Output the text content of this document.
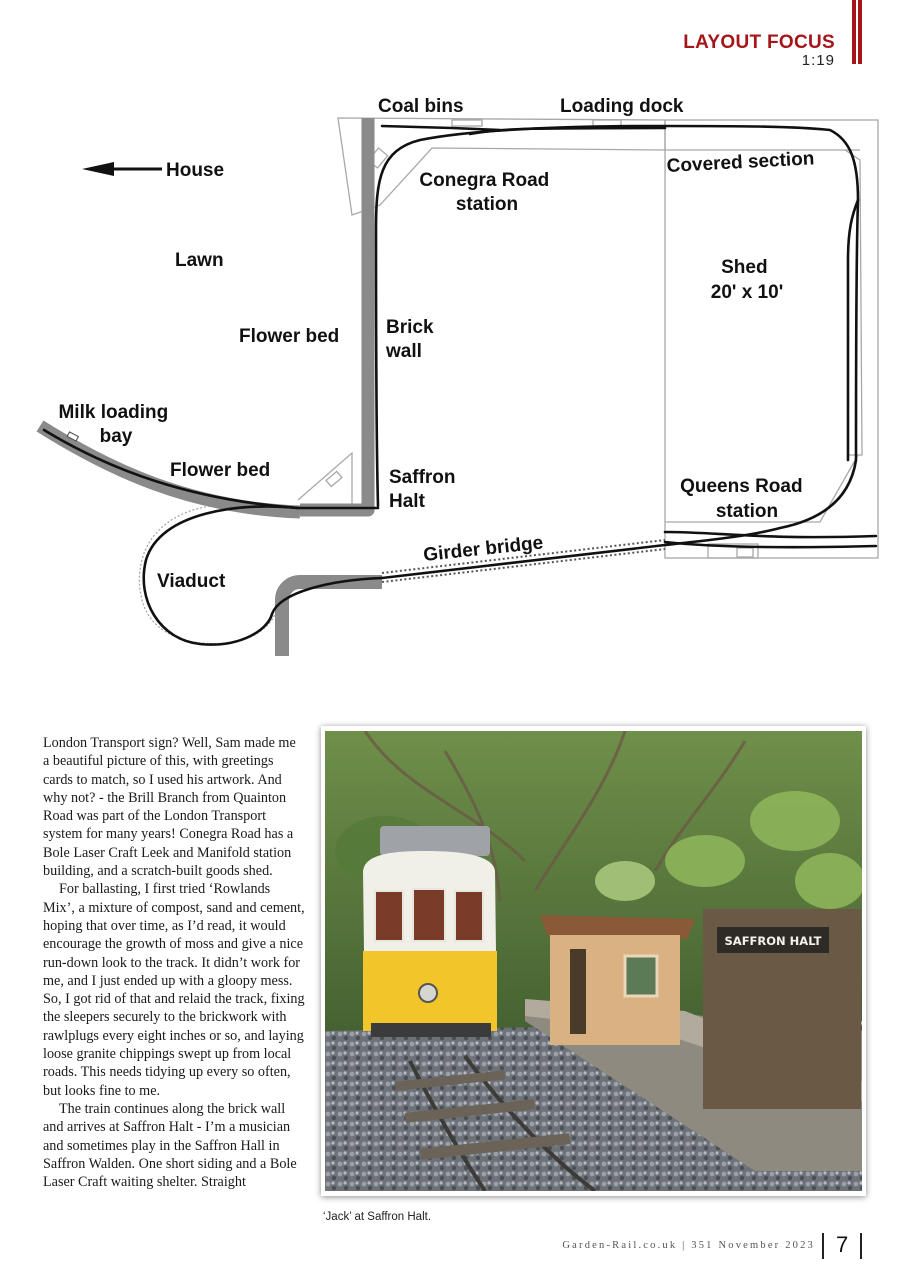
LAYOUT FOCUS
1:19
Coal bins	Loading dock
House	Conegra Road station
Covered section
Lawn	Shed 20' x 10'
Flower bed Brick wall
Milk loading bay
Flower bed	Saffron Halt
Queens Road station
Girder bridge
Viaduct

London Transport sign? Well, Sam made me a beautiful picture of this, with greetings cards to match, so I used his artwork. And why not? - the Brill Branch from Quainton Road was part of the London Transport system for many years! Conegra Road has a Bole Laser Craft Leek and Manifold station building, and a scratch-built goods shed.

For ballasting, I first tried ‘Rowlands Mix’, a mixture of compost, sand and cement, hoping that over time, as I’d read, it would encourage the growth of moss and give a nice run-down look to the track. It didn’t work for me, and I just ended up with a gloopy mess. So, I got rid of that and relaid the track, fixing the sleepers securely to the brickwork with rawlplugs every eight inches or so, and laying loose granite chippings swept up from local roads. This needs tidying up every so often, but looks fine to me.

The train continues along the brick wall and arrives at Saffron Halt - I’m a musician and sometimes play in the Saffron Hall in Saffron Walden. One short siding and a Bole Laser Craft waiting shelter. Straight

SAFFRON HALT
‘Jack’ at Saffron Halt.
Garden-Rail.co.uk | 351 November 2023 7
